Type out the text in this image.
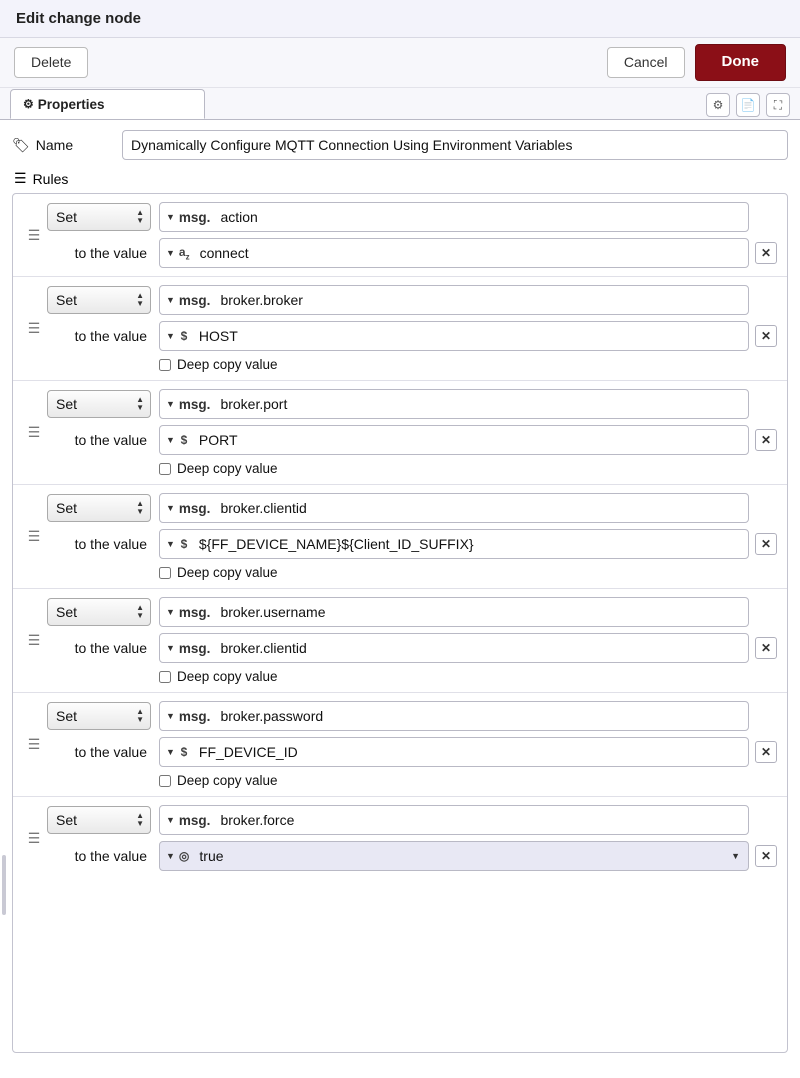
Edit change node
Delete	Cancel	Done
⚙ Properties	⚙	📄	⛶
🏷 Name
Dynamically Configure MQTT Connection Using Environment Variables
☰ Rules
☰
Set
▲
▼ ▼ msg.
action
to the value	▼ $a_z$
connect	✕
☰
Set
▲
▼ ▼ msg.
broker.broker
to the value	▼ $
HOST	✕
Deep copy value
☰
Set
▲
▼ ▼ msg.
broker.port
to the value	▼ $
PORT	✕
Deep copy value
☰
Set
▲
▼ ▼ msg.
broker.clientid
to the value	▼ $
${FF_DEVICE_NAME}${Client_ID_SUFFIX}	✕
Deep copy value
☰
Set
▲
▼ ▼ msg.
broker.username
to the value	▼ msg.
broker.clientid	✕
Deep copy value
☰
Set
▲
▼ ▼ msg.
broker.password
to the value	▼ $
FF_DEVICE_ID	✕
Deep copy value
☰
Set
▲
▼ ▼ msg.
broker.force
to the value	▼ ◎
true	▼	✕
